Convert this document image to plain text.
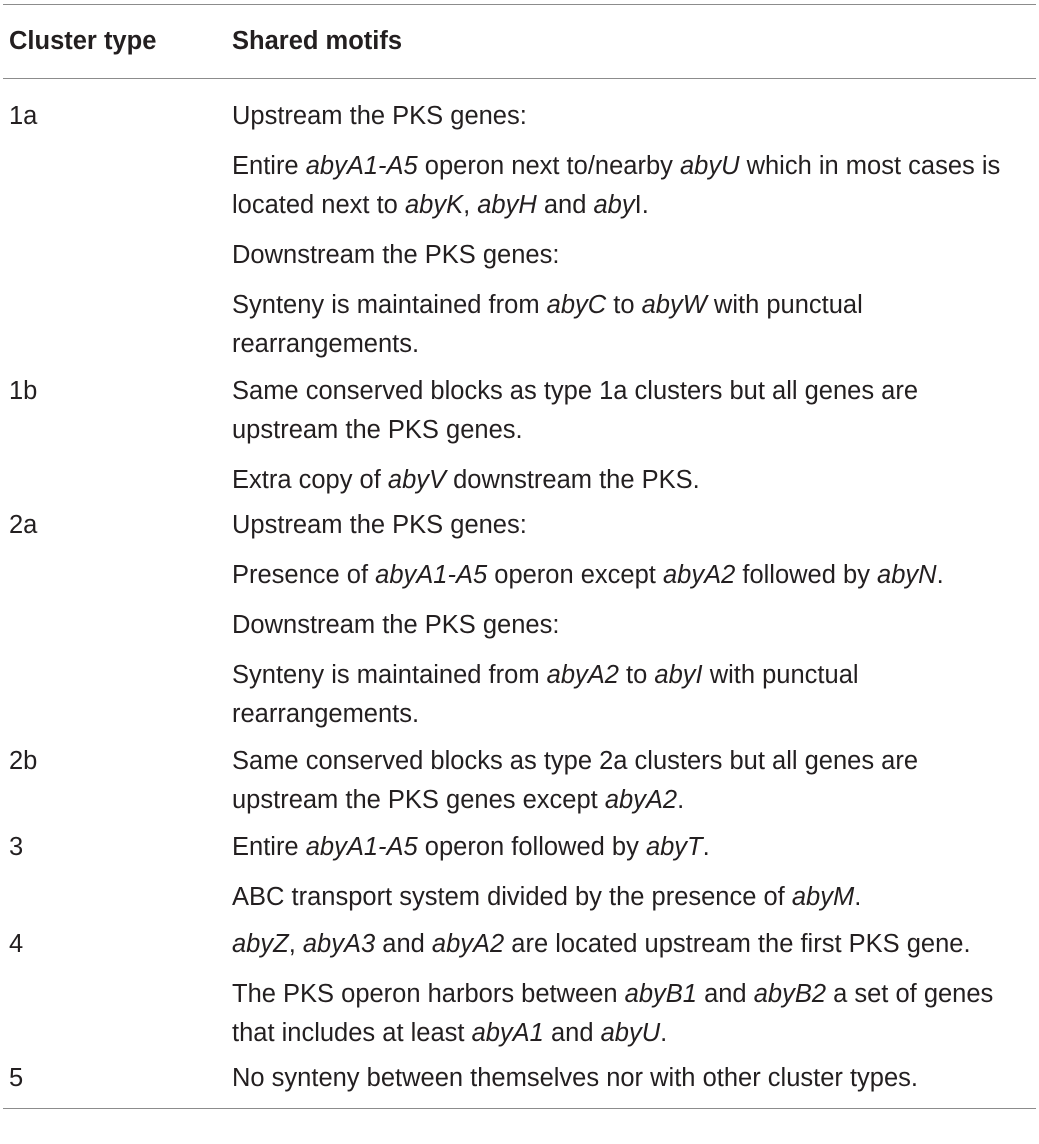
Cluster type	Shared motifs
1a	Upstream the PKS genes:

Entire abyA1-A5 operon next to/nearby abyU which in most cases is located next to abyK, abyH and abyI.

Downstream the PKS genes:

Synteny is maintained from abyC to abyW with punctual rearrangements.

1b	Same conserved blocks as type 1a clusters but all genes are upstream the PKS genes.

Extra copy of abyV downstream the PKS.

2a	Upstream the PKS genes:

Presence of abyA1-A5 operon except abyA2 followed by abyN.

Downstream the PKS genes:

Synteny is maintained from abyA2 to abyI with punctual rearrangements.

2b	Same conserved blocks as type 2a clusters but all genes are upstream the PKS genes except abyA2.

3	Entire abyA1-A5 operon followed by abyT.

ABC transport system divided by the presence of abyM.

4	abyZ, abyA3 and abyA2 are located upstream the first PKS gene.

The PKS operon harbors between abyB1 and abyB2 a set of genes that includes at least abyA1 and abyU.

5	No synteny between themselves nor with other cluster types.
